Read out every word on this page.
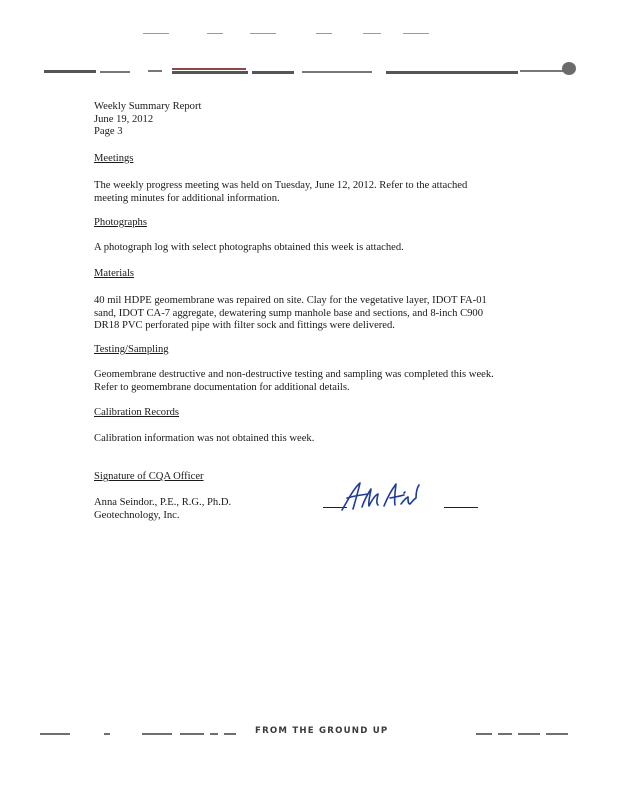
Weekly Summary Report
June 19, 2012
Page 3
Meetings
The weekly progress meeting was held on Tuesday, June 12, 2012. Refer to the attached
meeting minutes for additional information.
Photographs
A photograph log with select photographs obtained this week is attached.
Materials
40 mil HDPE geomembrane was repaired on site. Clay for the vegetative layer, IDOT FA-01
sand, IDOT CA-7 aggregate, dewatering sump manhole base and sections, and 8-inch C900
DR18 PVC perforated pipe with filter sock and fittings were delivered.
Testing/Sampling
Geomembrane destructive and non-destructive testing and sampling was completed this week.
Refer to geomembrane documentation for additional details.
Calibration Records
Calibration information was not obtained this week.
Signature of CQA Officer
Anna Seindor., P.E., R.G., Ph.D.
Geotechnology, Inc.
FROM THE GROUND UP
